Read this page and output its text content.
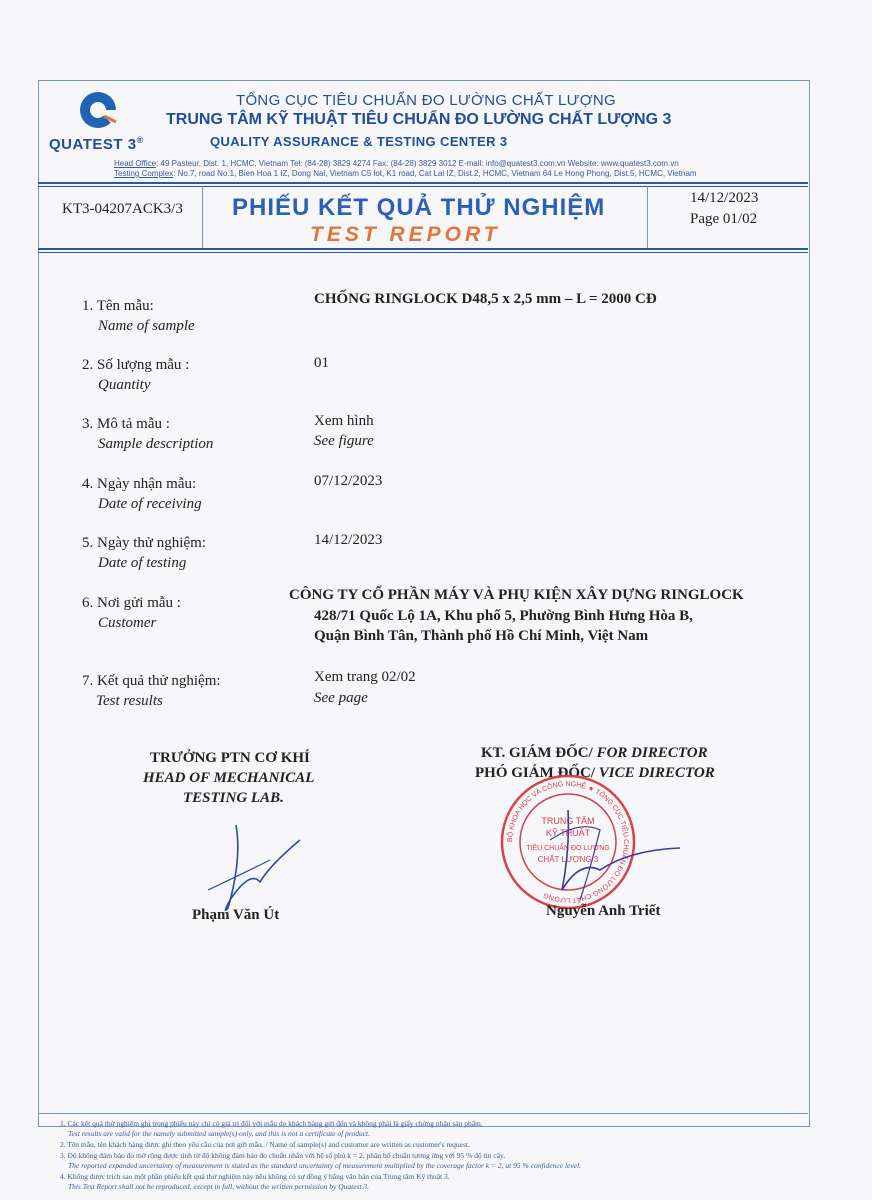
QUATEST 3®
TỔNG CỤC TIÊU CHUẨN ĐO LƯỜNG CHẤT LƯỢNG
TRUNG TÂM KỸ THUẬT TIÊU CHUẨN ĐO LƯỜNG CHẤT LƯỢNG 3
QUALITY ASSURANCE & TESTING CENTER 3
Head Office: 49 Pasteur, Dist. 1, HCMC, Vietnam Tel: (84-28) 3829 4274 Fax: (84-28) 3829 3012 E-mail: info@quatest3.com.vn Website: www.quatest3.com.vn
Testing Complex: No.7, road No.1, Bien Hoa 1 IZ, Dong Nai, Vietnam C5 lot, K1 road, Cat Lai IZ, Dist.2, HCMC, Vietnam 64 Le Hong Phong, Dist.5, HCMC, Vietnam
KT3-04207ACK3/3 PHIẾU KẾT QUẢ THỬ NGHIỆM
TEST REPORT
14/12/2023
Page 01/02
1. Tên mẫu:
Name of sample
CHỐNG RINGLOCK D48,5 x 2,5 mm – L = 2000 CĐ
2. Số lượng mẫu :
Quantity
01
3. Mô tả mẫu :
Sample description
Xem hình
See figure
4. Ngày nhận mẫu:
Date of receiving
07/12/2023
5. Ngày thử nghiệm:
Date of testing
14/12/2023
6. Nơi gửi mẫu :
Customer
CÔNG TY CỔ PHẦN MÁY VÀ PHỤ KIỆN XÂY DỰNG RINGLOCK
428/71 Quốc Lộ 1A, Khu phố 5, Phường Bình Hưng Hòa B,
Quận Bình Tân, Thành phố Hồ Chí Minh, Việt Nam
7. Kết quả thử nghiệm:
Test results
Xem trang 02/02
See page
TRƯỞNG PTN CƠ KHÍ
HEAD OF MECHANICAL
TESTING LAB.
Phạm Văn Út
KT. GIÁM ĐỐC/ FOR DIRECTOR
PHÓ GIÁM ĐỐC/ VICE DIRECTOR
BỘ KHOA HỌC VÀ CÔNG NGHỆ ★ TỔNG CỤC TIÊU CHUẨN ĐO LƯỜNG CHẤT LƯỢNG
TRUNG TÂM
KỸ THUẬT
TIÊU CHUẨN ĐO LƯỜNG
CHẤT LƯỢNG 3
Nguyễn Anh Triết
1. Các kết quả thử nghiệm ghi trong phiếu này chỉ có giá trị đối với mẫu do khách hàng gửi đến và không phải là giấy chứng nhận sản phẩm.
Test results are valid for the namely submitted sample(s) only, and this is not a certificate of product.
2. Tên mẫu, tên khách hàng được ghi theo yêu cầu của nơi gửi mẫu. / Name of sample(s) and customer are written as customer's request.
3. Độ không đảm bảo đo mở rộng được tính từ độ không đảm bảo đo chuẩn nhân với hệ số phủ k = 2, phân bố chuẩn tương ứng với 95 % độ tin cậy.
The reported expanded uncertainty of measurement is stated as the standard uncertainty of measurement multiplied by the coverage factor k = 2, at 95 % confidence level.
4. Không được trích sao một phần phiếu kết quả thử nghiệm này nếu không có sự đồng ý bằng văn bản của Trung tâm Kỹ thuật 3.
This Test Report shall not be reproduced, except in full, without the written permission by Quatest 3.
